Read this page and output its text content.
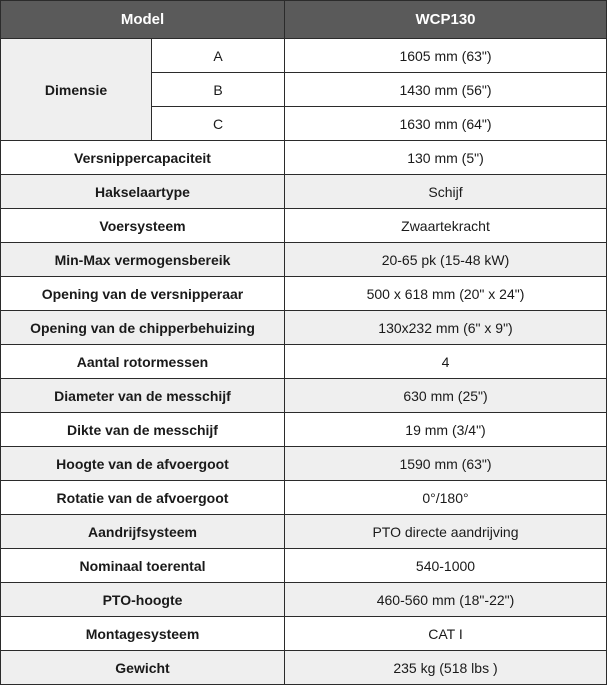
Model		WCP130
Dimensie	A	1605 mm (63")
	B	1430 mm (56")
	C	1630 mm (64")
Versnippercapaciteit		130 mm (5")
Hakselaartype		Schijf
Voersysteem		Zwaartekracht
Min-Max vermogensbereik		20-65 pk (15-48 kW)
Opening van de versnipperaar		500 x 618 mm (20" x 24")
Opening van de chipperbehuizing		130x232 mm (6" x 9")
Aantal rotormessen		4
Diameter van de messchijf		630 mm (25")
Dikte van de messchijf		19 mm (3/4")
Hoogte van de afvoergoot		1590 mm (63")
Rotatie van de afvoergoot		0°/180°
Aandrijfsysteem		PTO directe aandrijving
Nominaal toerental		540-1000
PTO-hoogte		460-560 mm (18"-22")
Montagesysteem		CAT I
Gewicht		235 kg (518 lbs )
